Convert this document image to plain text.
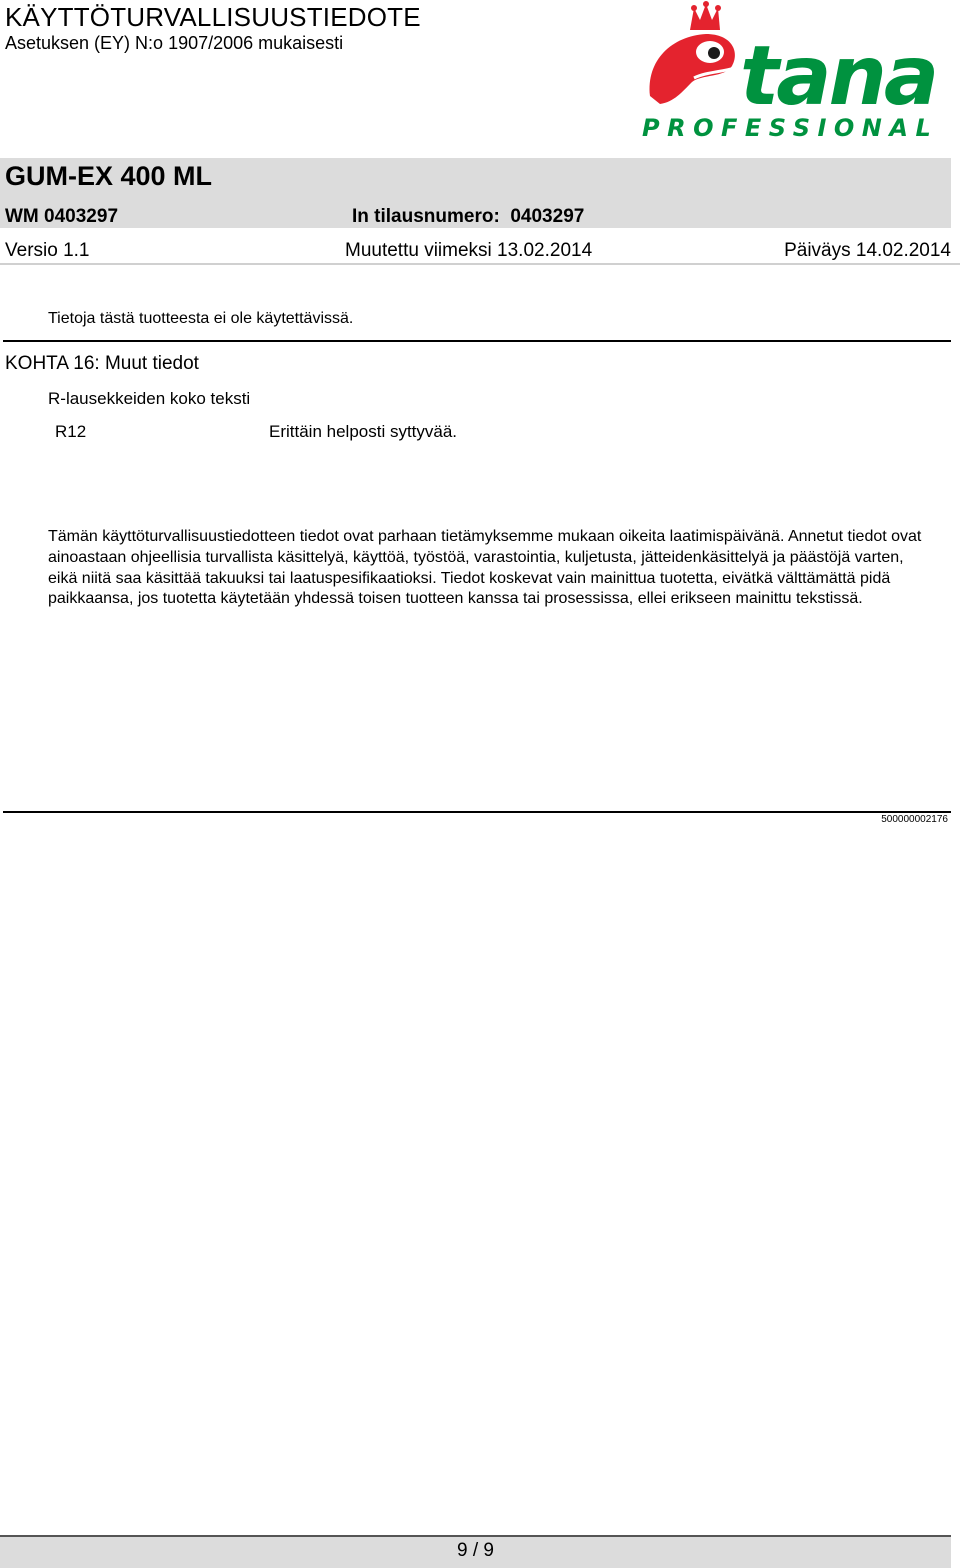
KÄYTTÖTURVALLISUUSTIEDOTE
Asetuksen (EY) N:o 1907/2006 mukaisesti	tana
PROFESSIONAL
GUM-EX 400 ML
WM 0403297	In tilausnumero: 0403297
Versio 1.1	Muutettu viimeksi 13.02.2014	Päiväys 14.02.2014
Tietoja tästä tuotteesta ei ole käytettävissä.
KOHTA 16: Muut tiedot
R-lausekkeiden koko teksti
R12	Erittäin helposti syttyvää.
Tämän käyttöturvallisuustiedotteen tiedot ovat parhaan tietämyksemme mukaan oikeita laatimispäivänä. Annetut tiedot ovat ainoastaan ohjeellisia turvallista käsittelyä, käyttöä, työstöä, varastointia, kuljetusta, jätteidenkäsittelyä ja päästöjä varten, eikä niitä saa käsittää takuuksi tai laatuspesifikaatioksi. Tiedot koskevat vain mainittua tuotetta, eivätkä välttämättä pidä paikkaansa, jos tuotetta käytetään yhdessä toisen tuotteen kanssa tai prosessissa, ellei erikseen mainittu tekstissä.
500000002176
9 / 9
